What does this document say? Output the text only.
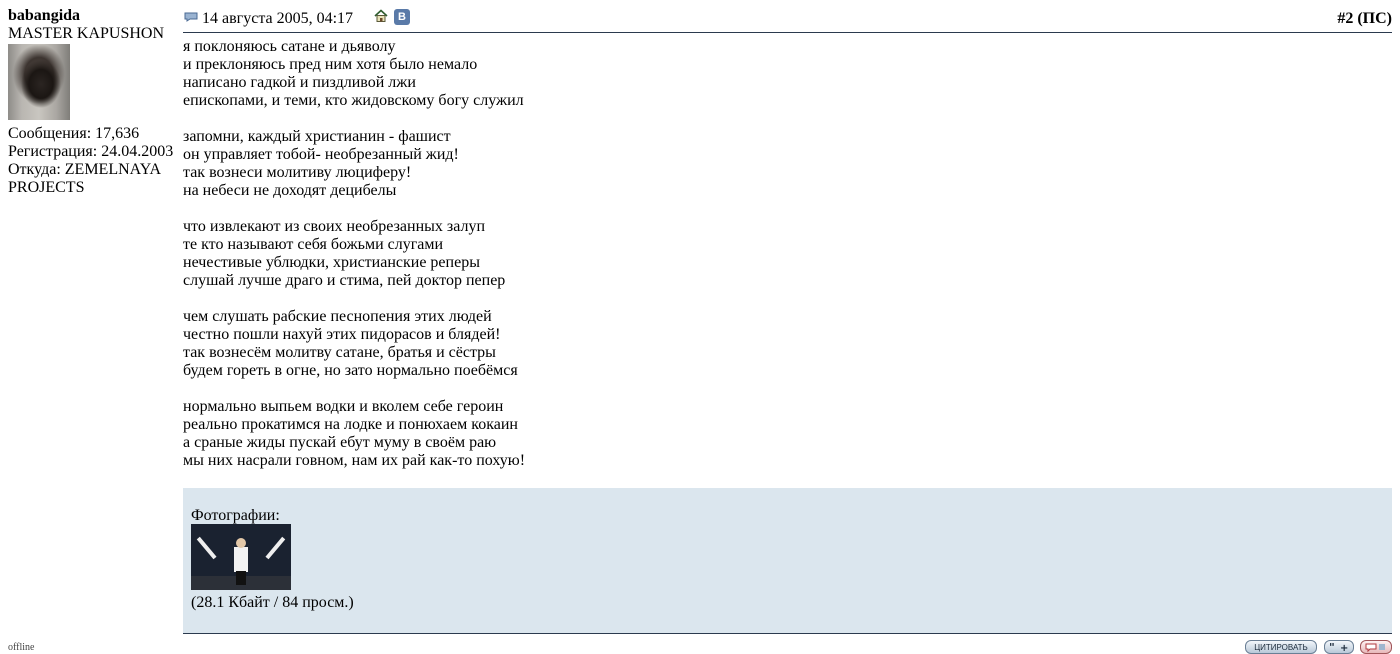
babangida
MASTER KAPUSHON
Сообщения: 17,636
Регистрация: 24.04.2003
Откуда: ZEMELNAYA PROJECTS
offline
14 августа 2005, 04:17	В	#2 (ПС)
я поклоняюсь сатане и дьяволу
и преклоняюсь пред ним хотя было немало
написано гадкой и пиздливой лжи
епископами, и теми, кто жидовскому богу служил
запомни, каждый христианин - фашист
он управляет тобой- необрезанный жид!
так вознеси молитиву люциферу!
на небеси не доходят децибелы
что извлекают из своих необрезанных залуп
те кто называют себя божьми слугами
нечестивые ублюдки, христианские реперы
слушай лучше драго и стима, пей доктор пепер
чем слушать рабские песнопения этих людей
честно пошли нахуй этих пидорасов и блядей!
так вознесём молитву сатане, братья и сёстры
будем гореть в огне, но зато нормально поебёмся
нормально выпьем водки и вколем себе героин
реально прокатимся на лодке и понюхаем кокаин
а сраные жиды пускай ебут муму в своём раю
мы них насрали говном, нам их рай как-то похую!
Фотографии:
(28.1 Кбайт / 84 просм.)
ЦИТИРОВАТЬ	" +
